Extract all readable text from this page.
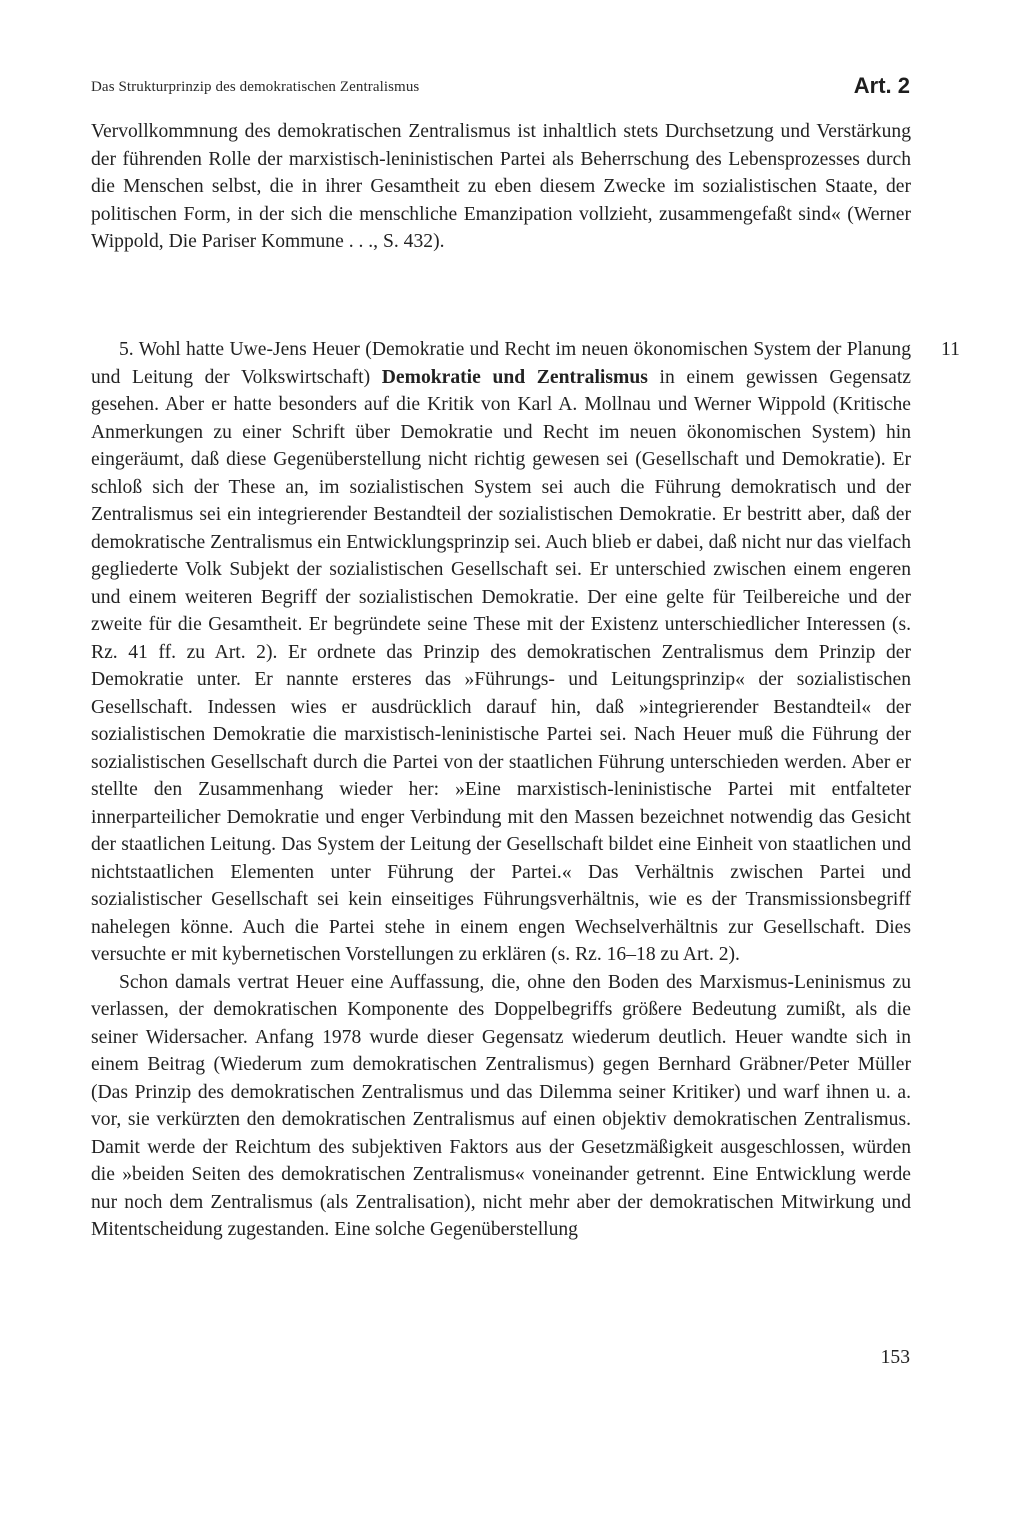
Das Strukturprinzip des demokratischen Zentralismus	Art. 2

Vervollkommnung des demokratischen Zentralismus ist inhaltlich stets Durchsetzung und Verstärkung der führenden Rolle der marxistisch-leninistischen Partei als Beherrschung des Lebensprozesses durch die Menschen selbst, die in ihrer Gesamtheit zu eben diesem Zwecke im sozialistischen Staate, der politischen Form, in der sich die menschliche Emanzipation vollzieht, zusammengefaßt sind« (Werner Wippold, Die Pariser Kommune . . ., S. 432).

11

5. Wohl hatte Uwe-Jens Heuer (Demokratie und Recht im neuen ökonomischen System der Planung und Leitung der Volkswirtschaft) Demokratie und Zentralismus in einem gewissen Gegensatz gesehen. Aber er hatte besonders auf die Kritik von Karl A. Mollnau und Werner Wippold (Kritische Anmerkungen zu einer Schrift über Demokratie und Recht im neuen ökonomischen System) hin eingeräumt, daß diese Gegenüberstellung nicht richtig gewesen sei (Gesellschaft und Demokratie). Er schloß sich der These an, im sozialistischen System sei auch die Führung demokratisch und der Zentralismus sei ein integrierender Bestandteil der sozialistischen Demokratie. Er bestritt aber, daß der demokratische Zentralismus ein Entwicklungsprinzip sei. Auch blieb er dabei, daß nicht nur das vielfach gegliederte Volk Subjekt der sozialistischen Gesellschaft sei. Er unterschied zwischen einem engeren und einem weiteren Begriff der sozialistischen Demokratie. Der eine gelte für Teilbereiche und der zweite für die Gesamtheit. Er begründete seine These mit der Existenz unterschiedlicher Interessen (s. Rz. 41 ff. zu Art. 2). Er ordnete das Prinzip des demokratischen Zentralismus dem Prinzip der Demokratie unter. Er nannte ersteres das »Führungs- und Leitungsprinzip« der sozialistischen Gesellschaft. Indessen wies er ausdrücklich darauf hin, daß »integrierender Bestandteil« der sozialistischen Demokratie die marxistisch-leninistische Partei sei. Nach Heuer muß die Führung der sozialistischen Gesellschaft durch die Partei von der staatlichen Führung unterschieden werden. Aber er stellte den Zusammenhang wieder her: »Eine marxistisch-leninistische Partei mit entfalteter innerparteilicher Demokratie und enger Verbindung mit den Massen bezeichnet notwendig das Gesicht der staatlichen Leitung. Das System der Leitung der Gesellschaft bildet eine Einheit von staatlichen und nichtstaatlichen Elementen unter Führung der Partei.« Das Verhältnis zwischen Partei und sozialistischer Gesellschaft sei kein einseitiges Führungsverhältnis, wie es der Transmissionsbegriff nahelegen könne. Auch die Partei stehe in einem engen Wechselverhältnis zur Gesellschaft. Dies versuchte er mit kybernetischen Vorstellungen zu erklären (s. Rz. 16–18 zu Art. 2).

Schon damals vertrat Heuer eine Auffassung, die, ohne den Boden des Marxismus-Leninismus zu verlassen, der demokratischen Komponente des Doppelbegriffs größere Bedeutung zumißt, als die seiner Widersacher. Anfang 1978 wurde dieser Gegensatz wiederum deutlich. Heuer wandte sich in einem Beitrag (Wiederum zum demokratischen Zentralismus) gegen Bernhard Gräbner/Peter Müller (Das Prinzip des demokratischen Zentralismus und das Dilemma seiner Kritiker) und warf ihnen u. a. vor, sie verkürzten den demokratischen Zentralismus auf einen objektiv demokratischen Zentralismus. Damit werde der Reichtum des subjektiven Faktors aus der Gesetzmäßigkeit ausgeschlossen, würden die »beiden Seiten des demokratischen Zentralismus« voneinander getrennt. Eine Entwicklung werde nur noch dem Zentralismus (als Zentralisation), nicht mehr aber der demokratischen Mitwirkung und Mitentscheidung zugestanden. Eine solche Gegenüberstellung

153
